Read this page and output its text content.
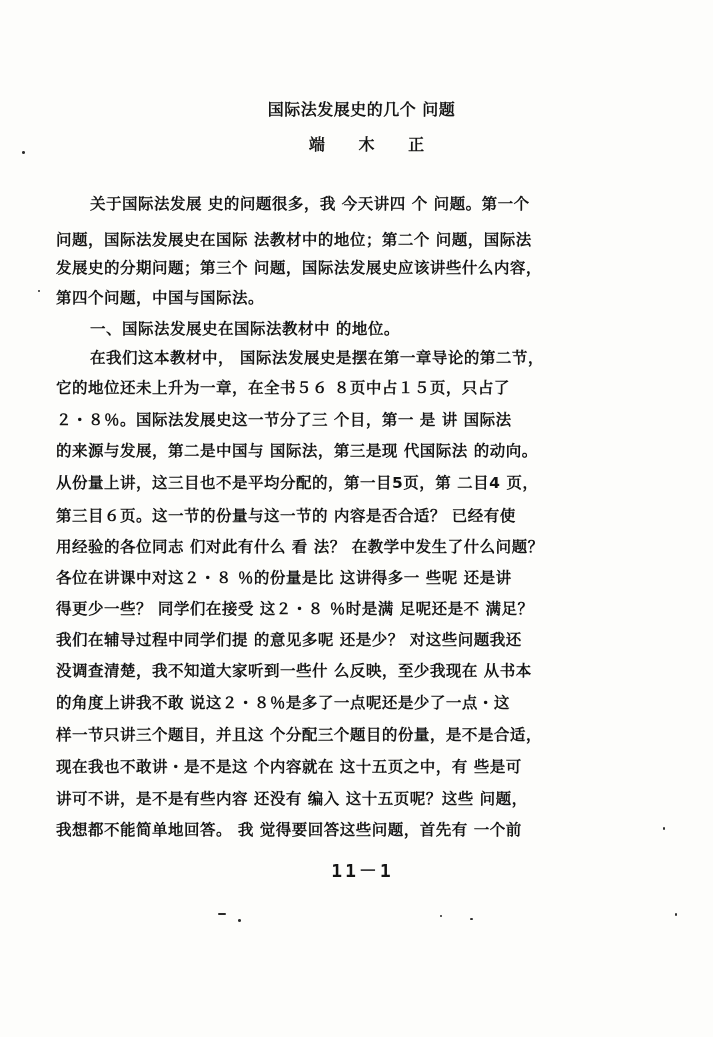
国际法发展史的几个 问题
端 木 正
关于国际法发展 史的问题很多，我 今天讲四 个 问题。第一个
问题，国际法发展史在国际 法教材中的地位；第二个 问题，国际法
发展史的分期问题；第三个 问题，国际法发展史应该讲些什么内容，
第四个问题，中国与国际法。
一、国际法发展史在国际法教材中 的地位。
在我们这本教材中， 国际法发展史是摆在第一章导论的第二节，
它的地位还未上升为一章，在全书５６ ８页中占１５页，只占了
２・８％。国际法发展史这一节分了三 个目，第一 是 讲 国际法
的来源与发展，第二是中国与 国际法，第三是现 代国际法 的动向。
从份量上讲，这三目也不是平均分配的，第一目5页，第 二目4 页，
第三目６页。这一节的份量与这一节的 内容是否合适？ 已经有使
用经验的各位同志 们对此有什么 看 法？ 在教学中发生了什么问题？
各位在讲课中对这２・８ ％的份量是比 这讲得多一 些呢 还是讲
得更少一些？ 同学们在接受 这２・８ ％时是满 足呢还是不 满足？
我们在辅导过程中同学们提 的意见多呢 还是少？ 对这些问题我还
没调查清楚，我不知道大家听到一些什 么反映，至少我现在 从书本
的角度上讲我不敢 说这２・８％是多了一点呢还是少了一点・这
样一节只讲三个题目，并且这 个分配三个题目的份量，是不是合适，
现在我也不敢讲・是不是这 个内容就在 这十五页之中，有 些是可
讲可不讲，是不是有些内容 还没有 编入 这十五页呢？这些 问题，
我想都不能简单地回答。 我 觉得要回答这些问题，首先有 一个前
11－1
